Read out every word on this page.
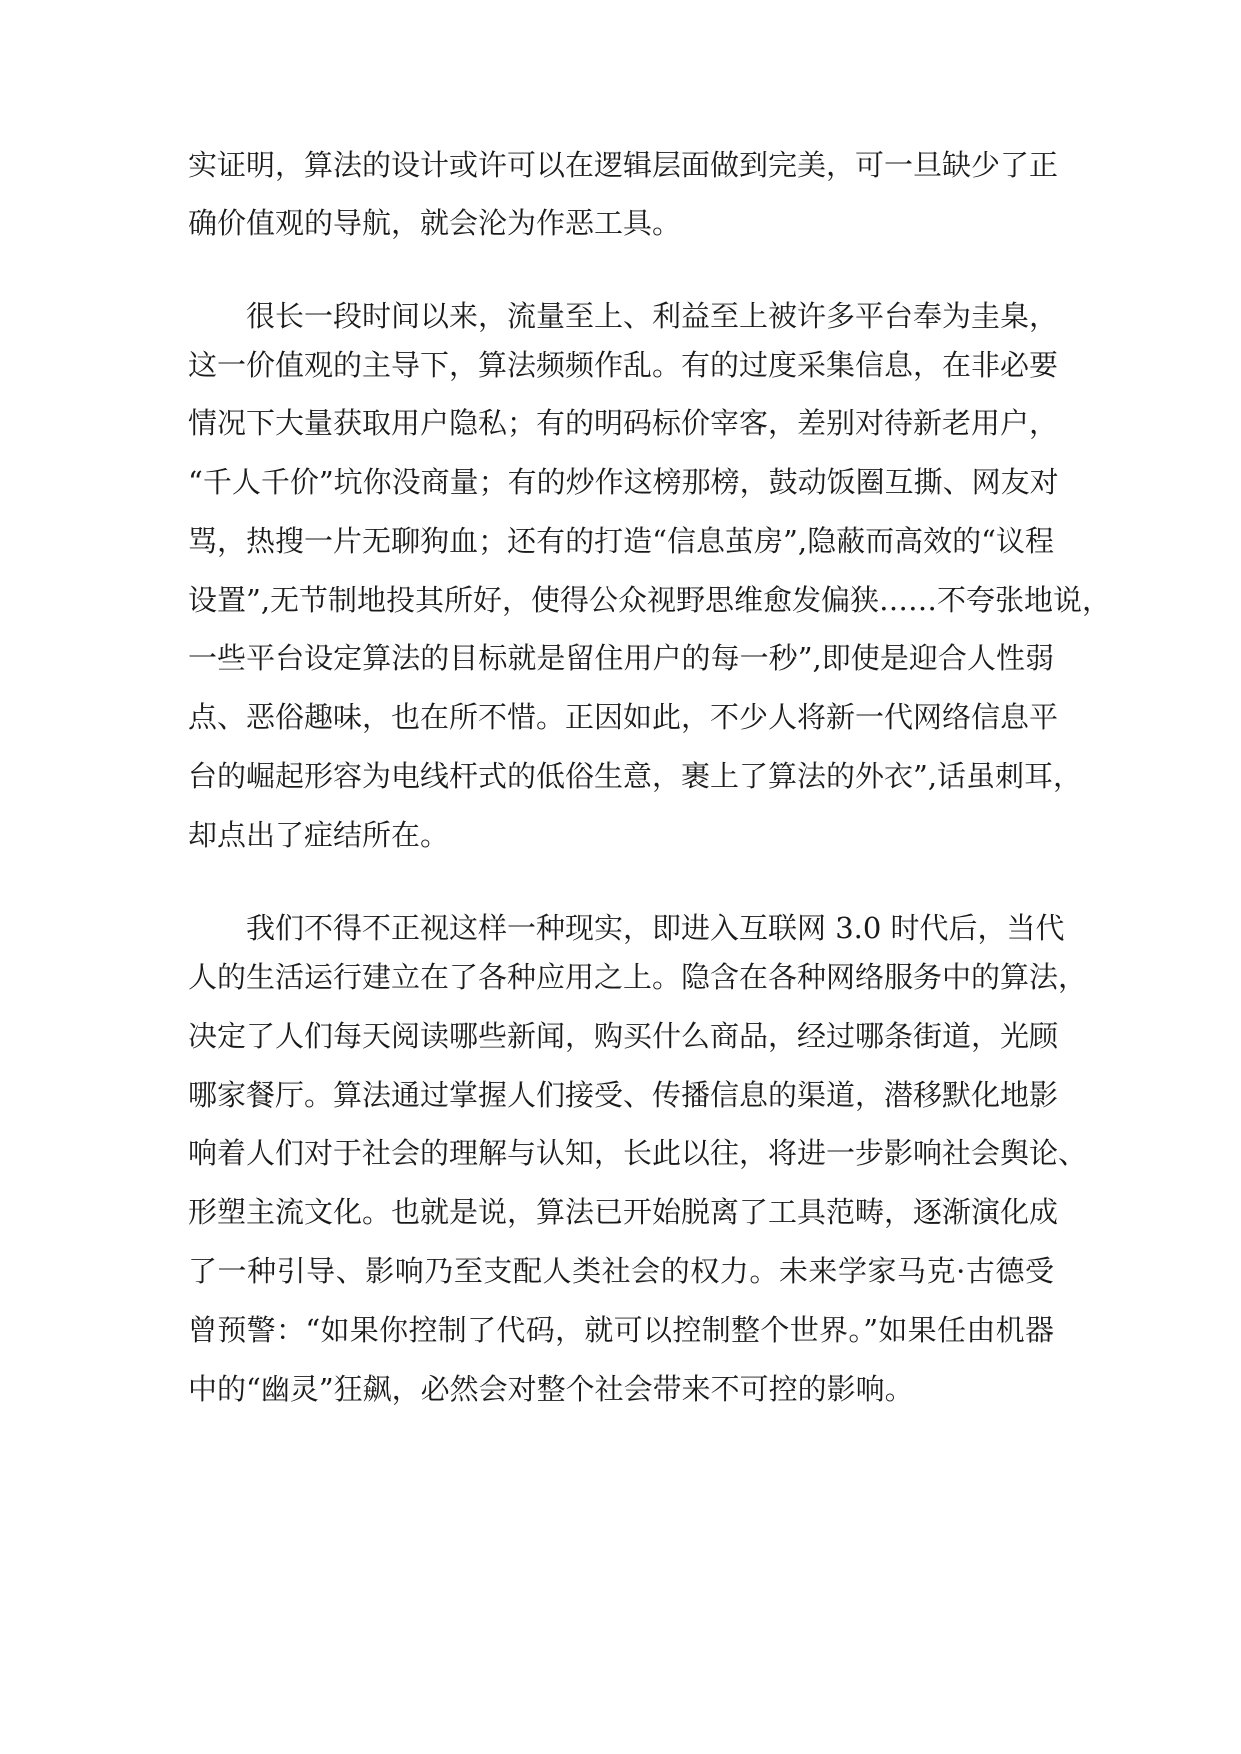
实证明，算法的设计或许可以在逻辑层面做到完美，可一旦缺少了正
确价值观的导航，就会沦为作恶工具。
很长一段时间以来，流量至上、利益至上被许多平台奉为圭臬，
这一价值观的主导下，算法频频作乱。有的过度采集信息，在非必要
情况下大量获取用户隐私；有的明码标价宰客，差别对待新老用户，
“千人千价”坑你没商量；有的炒作这榜那榜，鼓动饭圈互撕、网友对
骂，热搜一片无聊狗血；还有的打造“信息茧房”,隐蔽而高效的“议程
设置”,无节制地投其所好，使得公众视野思维愈发偏狭……不夸张地说，
一些平台设定算法的目标就是留住用户的每一秒”,即使是迎合人性弱
点、恶俗趣味，也在所不惜。正因如此，不少人将新一代网络信息平
台的崛起形容为电线杆式的低俗生意，裹上了算法的外衣”,话虽刺耳，
却点出了症结所在。
我们不得不正视这样一种现实，即进入互联网 3.0 时代后，当代
人的生活运行建立在了各种应用之上。隐含在各种网络服务中的算法，
决定了人们每天阅读哪些新闻，购买什么商品，经过哪条街道，光顾
哪家餐厅。算法通过掌握人们接受、传播信息的渠道，潜移默化地影
响着人们对于社会的理解与认知，长此以往，将进一步影响社会舆论、
形塑主流文化。也就是说，算法已开始脱离了工具范畴，逐渐演化成
了一种引导、影响乃至支配人类社会的权力。未来学家马克·古德受
曾预警：“如果你控制了代码，就可以控制整个世界。”如果任由机器
中的“幽灵”狂飙，必然会对整个社会带来不可控的影响。
